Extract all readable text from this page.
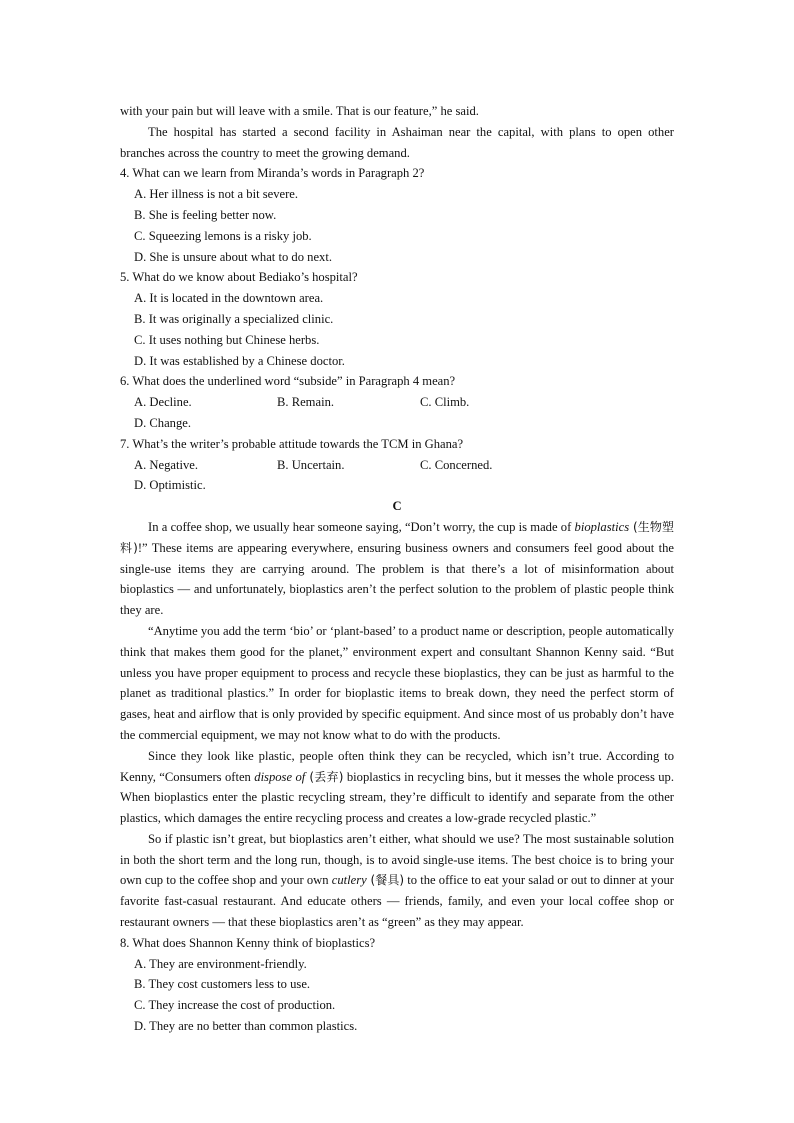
with your pain but will leave with a smile. That is our feature,” he said.

The hospital has started a second facility in Ashaiman near the capital, with plans to open other branches across the country to meet the growing demand.

4. What can we learn from Miranda’s words in Paragraph 2?

A. Her illness is not a bit severe.
B. She is feeling better now.
C. Squeezing lemons is a risky job.
D. She is unsure about what to do next.

5. What do we know about Bediako’s hospital?

A. It is located in the downtown area.
B. It was originally a specialized clinic.
C. It uses nothing but Chinese herbs.
D. It was established by a Chinese doctor.

6. What does the underlined word “subside” in Paragraph 4 mean?

A. Decline.	B. Remain.	C. Climb.
D. Change.

7. What’s the writer’s probable attitude towards the TCM in Ghana?

A. Negative.	B. Uncertain.	C. Concerned.
D. Optimistic.

C

In a coffee shop, we usually hear someone saying, “Don’t worry, the cup is made of bioplastics (生物塑料)!” These items are appearing everywhere, ensuring business owners and consumers feel good about the single-use items they are carrying around. The problem is that there’s a lot of misinformation about bioplastics — and unfortunately, bioplastics aren’t the perfect solution to the problem of plastic people think they are.

“Anytime you add the term ‘bio’ or ‘plant-based’ to a product name or description, people automatically think that makes them good for the planet,” environment expert and consultant Shannon Kenny said. “But unless you have proper equipment to process and recycle these bioplastics, they can be just as harmful to the planet as traditional plastics.” In order for bioplastic items to break down, they need the perfect storm of gases, heat and airflow that is only provided by specific equipment. And since most of us probably don’t have the commercial equipment, we may not know what to do with the products.

Since they look like plastic, people often think they can be recycled, which isn’t true. According to Kenny, “Consumers often dispose of (丢弃) bioplastics in recycling bins, but it messes the whole process up. When bioplastics enter the plastic recycling stream, they’re difficult to identify and separate from the other plastics, which damages the entire recycling process and creates a low-grade recycled plastic.”

So if plastic isn’t great, but bioplastics aren’t either, what should we use? The most sustainable solution in both the short term and the long run, though, is to avoid single-use items. The best choice is to bring your own cup to the coffee shop and your own cutlery (餐具) to the office to eat your salad or out to dinner at your favorite fast-casual restaurant. And educate others — friends, family, and even your local coffee shop or restaurant owners — that these bioplastics aren’t as “green” as they may appear.

8. What does Shannon Kenny think of bioplastics?

A. They are environment-friendly.
B. They cost customers less to use.
C. They increase the cost of production.
D. They are no better than common plastics.
